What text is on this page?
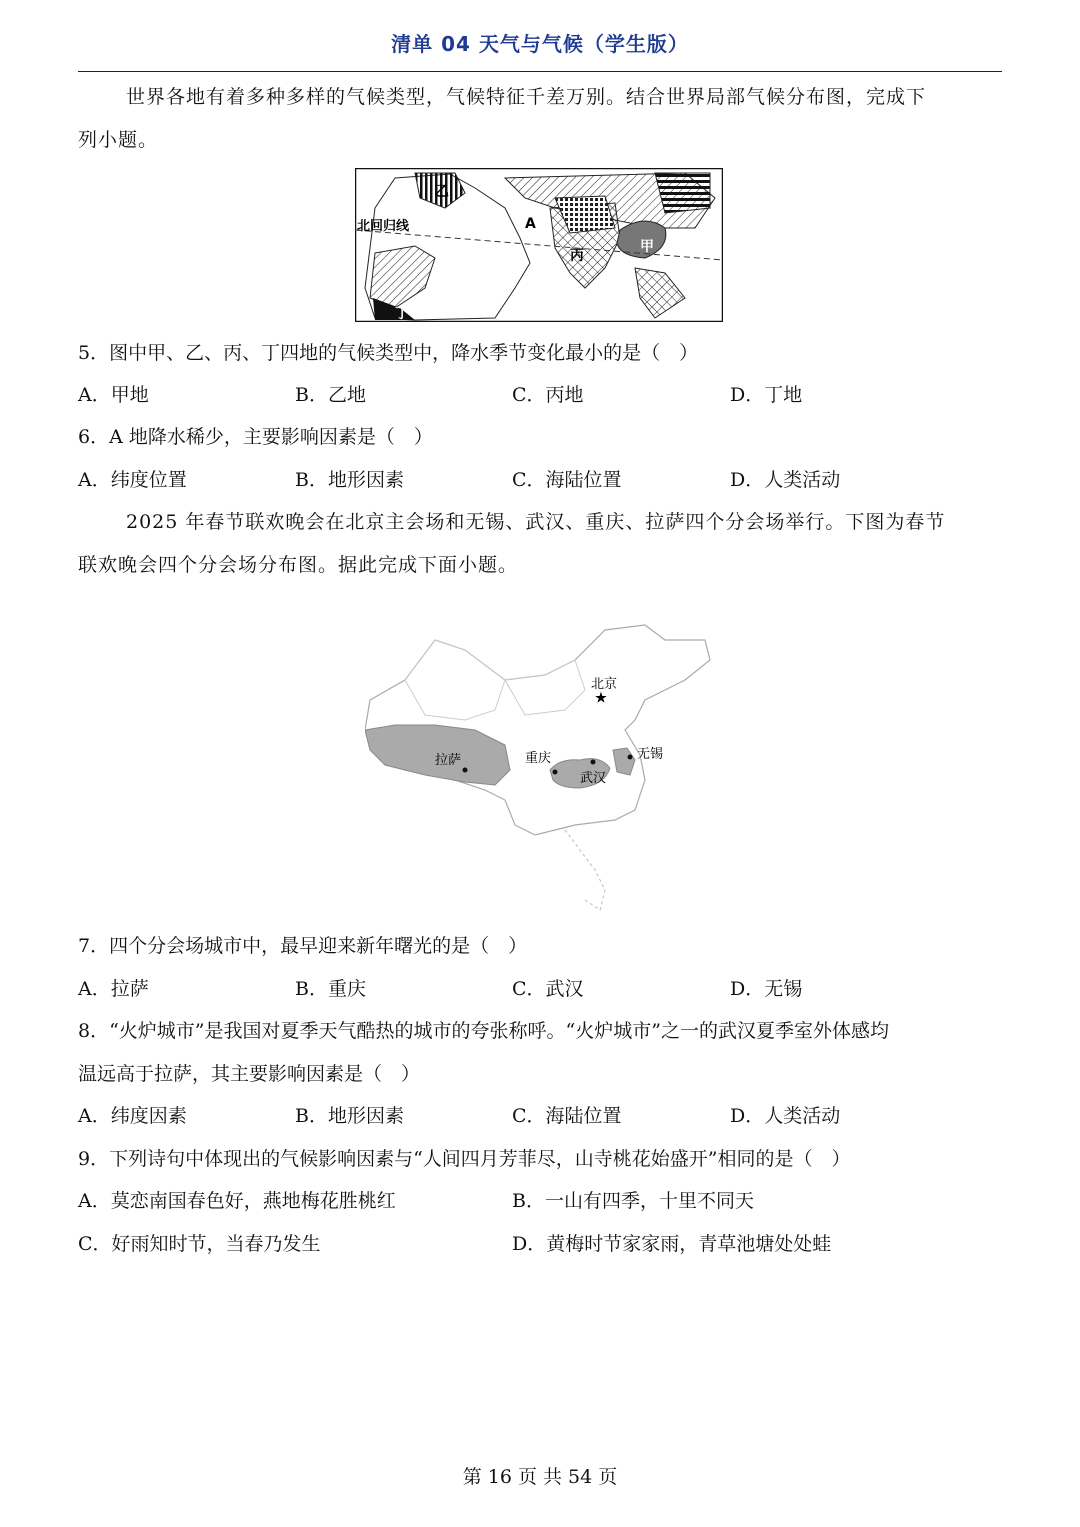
清单 04 天气与气候（学生版）
世界各地有着多种多样的气候类型，气候特征千差万别。结合世界局部气候分布图，完成下
列小题。
北回归线
甲
乙
丙
丁
A
5．图中甲、乙、丙、丁四地的气候类型中，降水季节变化最小的是（　）
A．甲地	B．乙地	C．丙地	D．丁地
6．A 地降水稀少，主要影响因素是（　）
A．纬度位置	B．地形因素	C．海陆位置	D．人类活动
2025 年春节联欢晚会在北京主会场和无锡、武汉、重庆、拉萨四个分会场举行。下图为春节
联欢晚会四个分会场分布图。据此完成下面小题。
★
北京
拉萨	重庆
武汉
无锡
7．四个分会场城市中，最早迎来新年曙光的是（　）
A．拉萨	B．重庆	C．武汉	D．无锡
8．“火炉城市”是我国对夏季天气酷热的城市的夸张称呼。“火炉城市”之一的武汉夏季室外体感均
温远高于拉萨，其主要影响因素是（　）
A．纬度因素	B．地形因素	C．海陆位置	D．人类活动
9．下列诗句中体现出的气候影响因素与“人间四月芳菲尽，山寺桃花始盛开”相同的是（　）
A．莫恋南国春色好，燕地梅花胜桃红	B．一山有四季，十里不同天
C．好雨知时节，当春乃发生	D．黄梅时节家家雨，青草池塘处处蛙
第 16 页 共 54 页
